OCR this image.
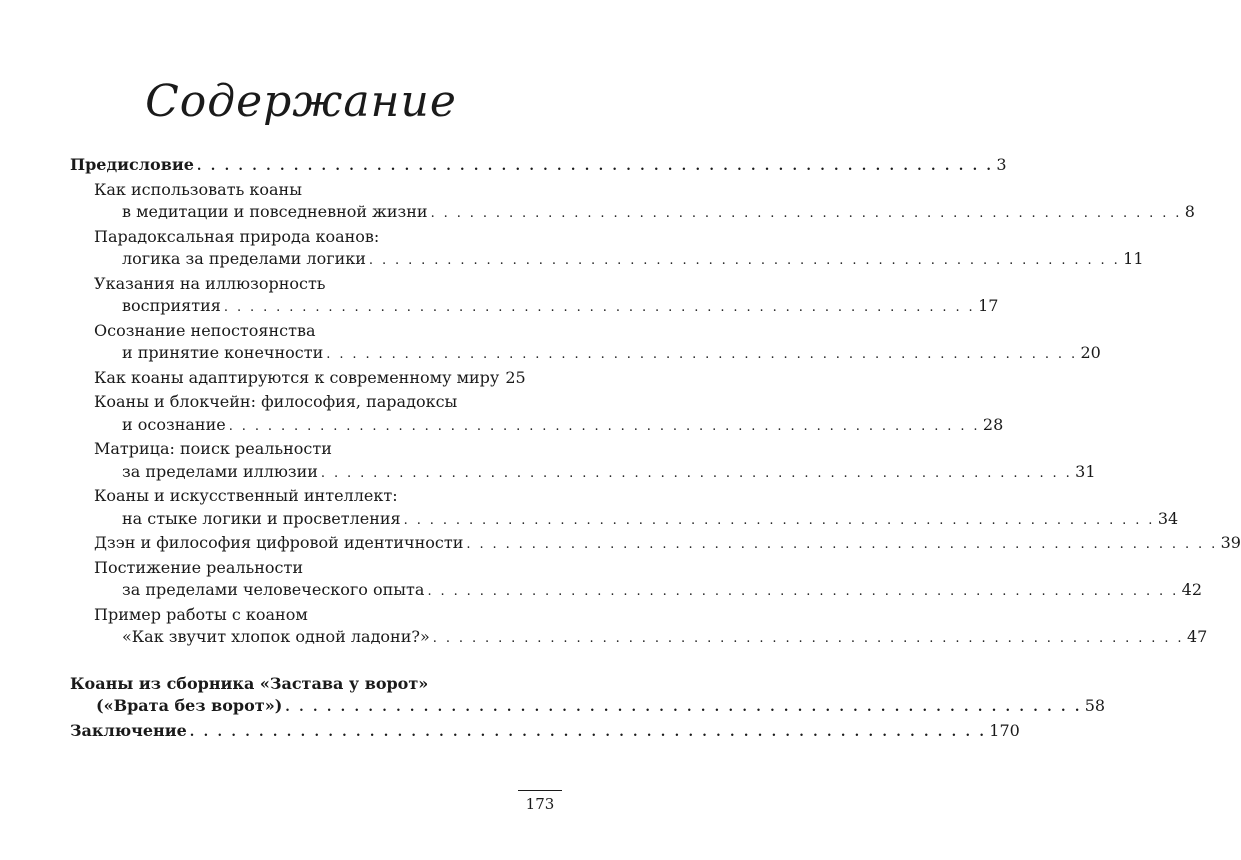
Содержание
Предисловие . . . . . . . . . . . . . . . . . . . . . . . . . . . . . . . . . . . . . . . . . . . . . . . . . . . . . . . . . . 3
Как использовать коаны
в медитации и повседневной жизни . . . . . . . . . . . . . . . . . . . . . . . . . . . . . . . . . . . . . . . . . . . . . . . . . . . . . . . . . . 8
Парадоксальная природа коанов:
логика за пределами логики . . . . . . . . . . . . . . . . . . . . . . . . . . . . . . . . . . . . . . . . . . . . . . . . . . . . . . . . . . 11
Указания на иллюзорность
восприятия . . . . . . . . . . . . . . . . . . . . . . . . . . . . . . . . . . . . . . . . . . . . . . . . . . . . . . . . . . 17
Осознание непостоянства
и принятие конечности . . . . . . . . . . . . . . . . . . . . . . . . . . . . . . . . . . . . . . . . . . . . . . . . . . . . . . . . . . 20
Как коаны адаптируются к современному миру 25
Коаны и блокчейн: философия, парадоксы
и осознание . . . . . . . . . . . . . . . . . . . . . . . . . . . . . . . . . . . . . . . . . . . . . . . . . . . . . . . . . . 28
Матрица: поиск реальности
за пределами иллюзии . . . . . . . . . . . . . . . . . . . . . . . . . . . . . . . . . . . . . . . . . . . . . . . . . . . . . . . . . . 31
Коаны и искусственный интеллект:
на стыке логики и просветления . . . . . . . . . . . . . . . . . . . . . . . . . . . . . . . . . . . . . . . . . . . . . . . . . . . . . . . . . . 34
Дзэн и философия цифровой идентичности . . . . . . . . . . . . . . . . . . . . . . . . . . . . . . . . . . . . . . . . . . . . . . . . . . . . . . . . . . 39
Постижение реальности
за пределами человеческого опыта . . . . . . . . . . . . . . . . . . . . . . . . . . . . . . . . . . . . . . . . . . . . . . . . . . . . . . . . . . 42
Пример работы с коаном
«Как звучит хлопок одной ладони?» . . . . . . . . . . . . . . . . . . . . . . . . . . . . . . . . . . . . . . . . . . . . . . . . . . . . . . . . . . 47
Коаны из сборника «Застава у ворот»
(«Врата без ворот») . . . . . . . . . . . . . . . . . . . . . . . . . . . . . . . . . . . . . . . . . . . . . . . . . . . . . . . . . . 58
Заключение . . . . . . . . . . . . . . . . . . . . . . . . . . . . . . . . . . . . . . . . . . . . . . . . . . . . . . . . . . 170
173
